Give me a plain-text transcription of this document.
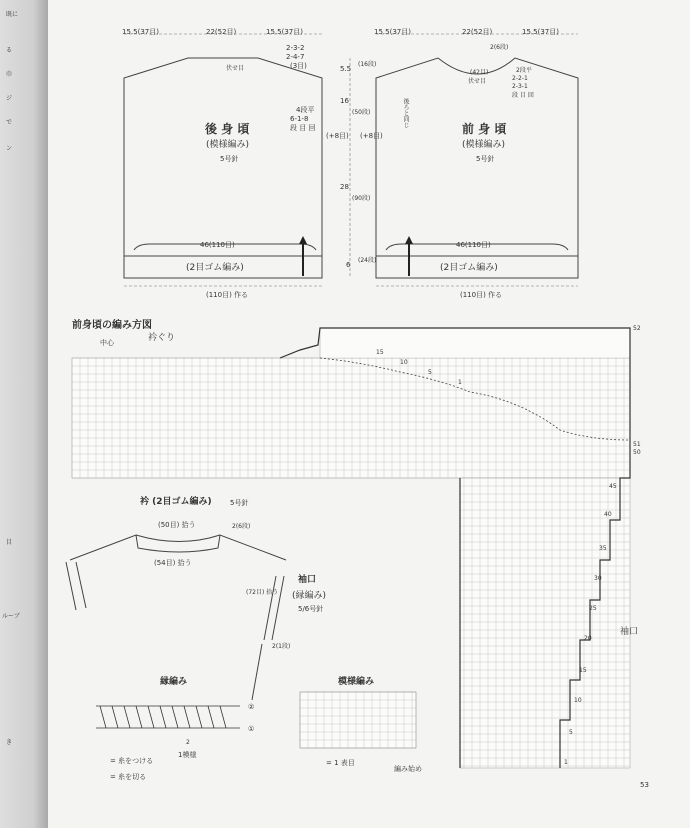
既に
る
巾
ジ
で
ン
目
ルーブ
き
15.5(37目)	22(52目)	15.5(37目)
伏せ目
2-3-2
2-4-7
(3目)
4段平
6-1-8
段 目 回
後 身 頃
(模様編み)
5号針
(+8目)
46(110目)
(2目ゴム編み)
(110目) 作る
5.5
(16段)
16
(50段)
28
(90段)
6
(24段)
15.5(37目)	22(52目)	15.5(37目)
2(6段)
(42目)
伏せ目
2段平
2-2-1
2-3-1
段 目 回
後ろと同じ
(+8目)	前 身 頃
(模様編み)
5号針
46(110目)
(2目ゴム編み)
(110目) 作る
前身頃の編み方図
中心	衿ぐり
袖口
52
51
50
45
40
35
30
25
20
15
10
5
1
15
10
5
1
衿 (2目ゴム編み)	5号針
(50目) 拾う
(54目) 拾う
2(6段)
袖口
(縁編み)
5/6号針
(72目) 拾う
2(1段)
縁編み
②
①
2
1模様
= 糸をつける
= 糸を切る
模様編み
= 1 表目
編み始め
53
